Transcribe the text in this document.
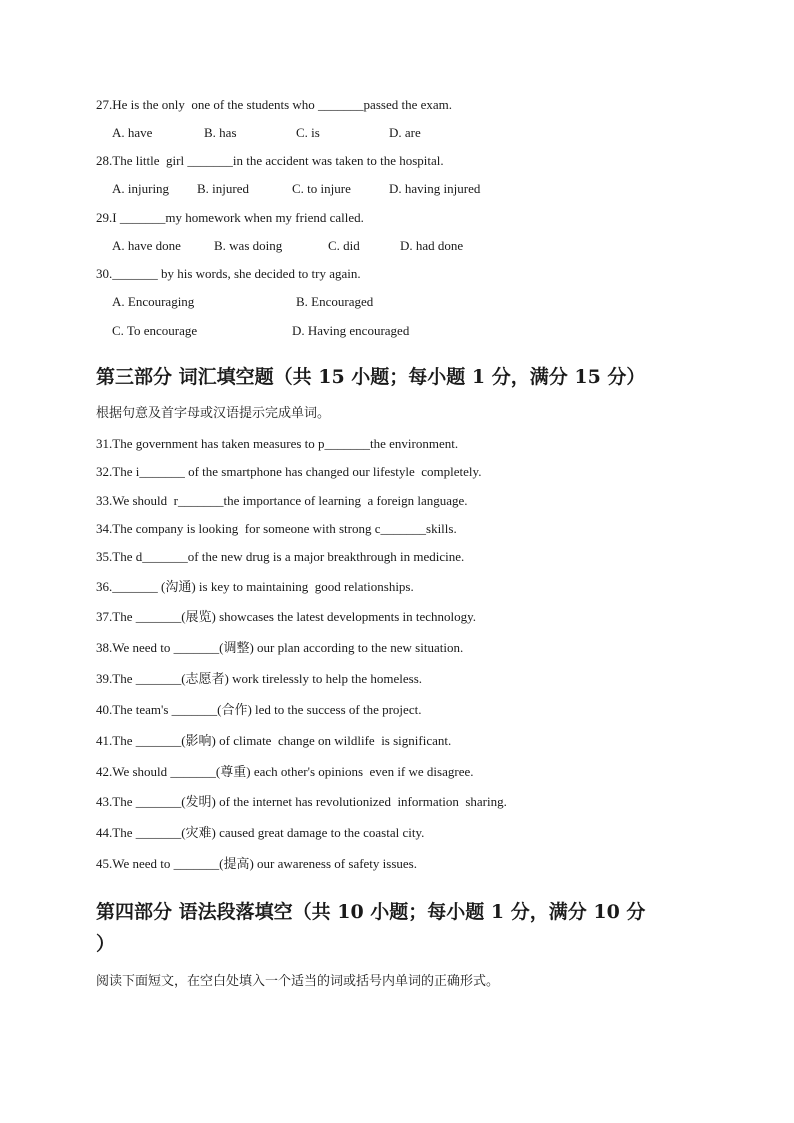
27.He is the only  one of the students who _______passed the exam.
A. have	B. has	C. is	D. are
28.The little  girl _______in the accident was taken to the hospital.
A. injuring B. injured	C. to injure	D. having injured
29.I _______my homework when my friend called.
A. have done	B. was doing	C. did	D. had done
30._______ by his words, she decided to try again.
A. Encouraging	B. Encouraged
C. To encourage	D. Having encouraged
第三部分 词汇填空题（共 15 小题；每小题 1 分，满分 15 分）
根据句意及首字母或汉语提示完成单词。
31.The government has taken measures to p_______the environment.
32.The i_______ of the smartphone has changed our lifestyle  completely.
33.We should  r_______the importance of learning  a foreign language.
34.The company is looking  for someone with strong c_______skills.
35.The d_______of the new drug is a major breakthrough in medicine.
36._______ (沟通) is key to maintaining  good relationships.
37.The _______(展览) showcases the latest developments in technology.
38.We need to _______(调整) our plan according to the new situation.
39.The _______(志愿者) work tirelessly to help the homeless.
40.The team's _______(合作) led to the success of the project.
41.The _______(影响) of climate  change on wildlife  is significant.
42.We should _______(尊重) each other's opinions  even if we disagree.
43.The _______(发明) of the internet has revolutionized  information  sharing.
44.The _______(灾难) caused great damage to the coastal city.
45.We need to _______(提高) our awareness of safety issues.
第四部分 语法段落填空（共 10 小题；每小题 1 分，满分 10 分
）
阅读下面短文，在空白处填入一个适当的词或括号内单词的正确形式。
